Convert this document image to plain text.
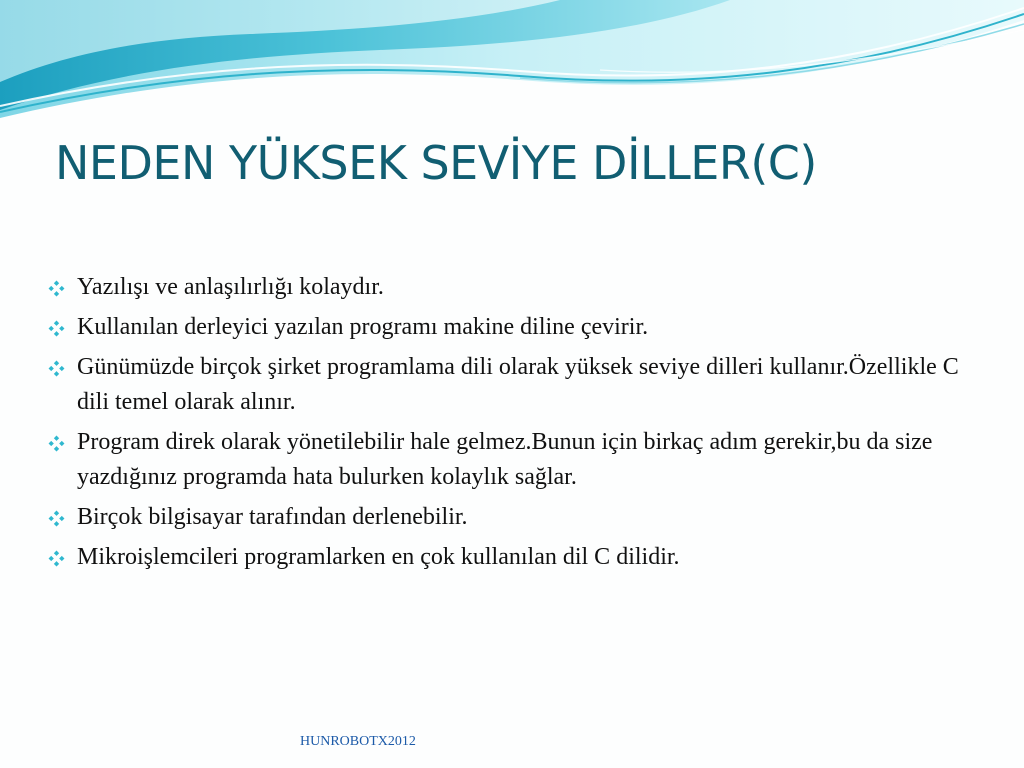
NEDEN YÜKSEK SEVİYE DİLLER(C)
Yazılışı ve anlaşılırlığı kolaydır.
Kullanılan derleyici yazılan programı makine diline çevirir.
Günümüzde birçok şirket programlama dili olarak yüksek seviye dilleri kullanır.Özellikle C dili temel olarak alınır.
Program direk olarak yönetilebilir hale gelmez.Bunun için birkaç adım gerekir,bu da size yazdığınız programda hata bulurken kolaylık sağlar.
Birçok bilgisayar tarafından derlenebilir.
Mikroişlemcileri programlarken en çok kullanılan dil C dilidir.
HUNROBOTX2012
